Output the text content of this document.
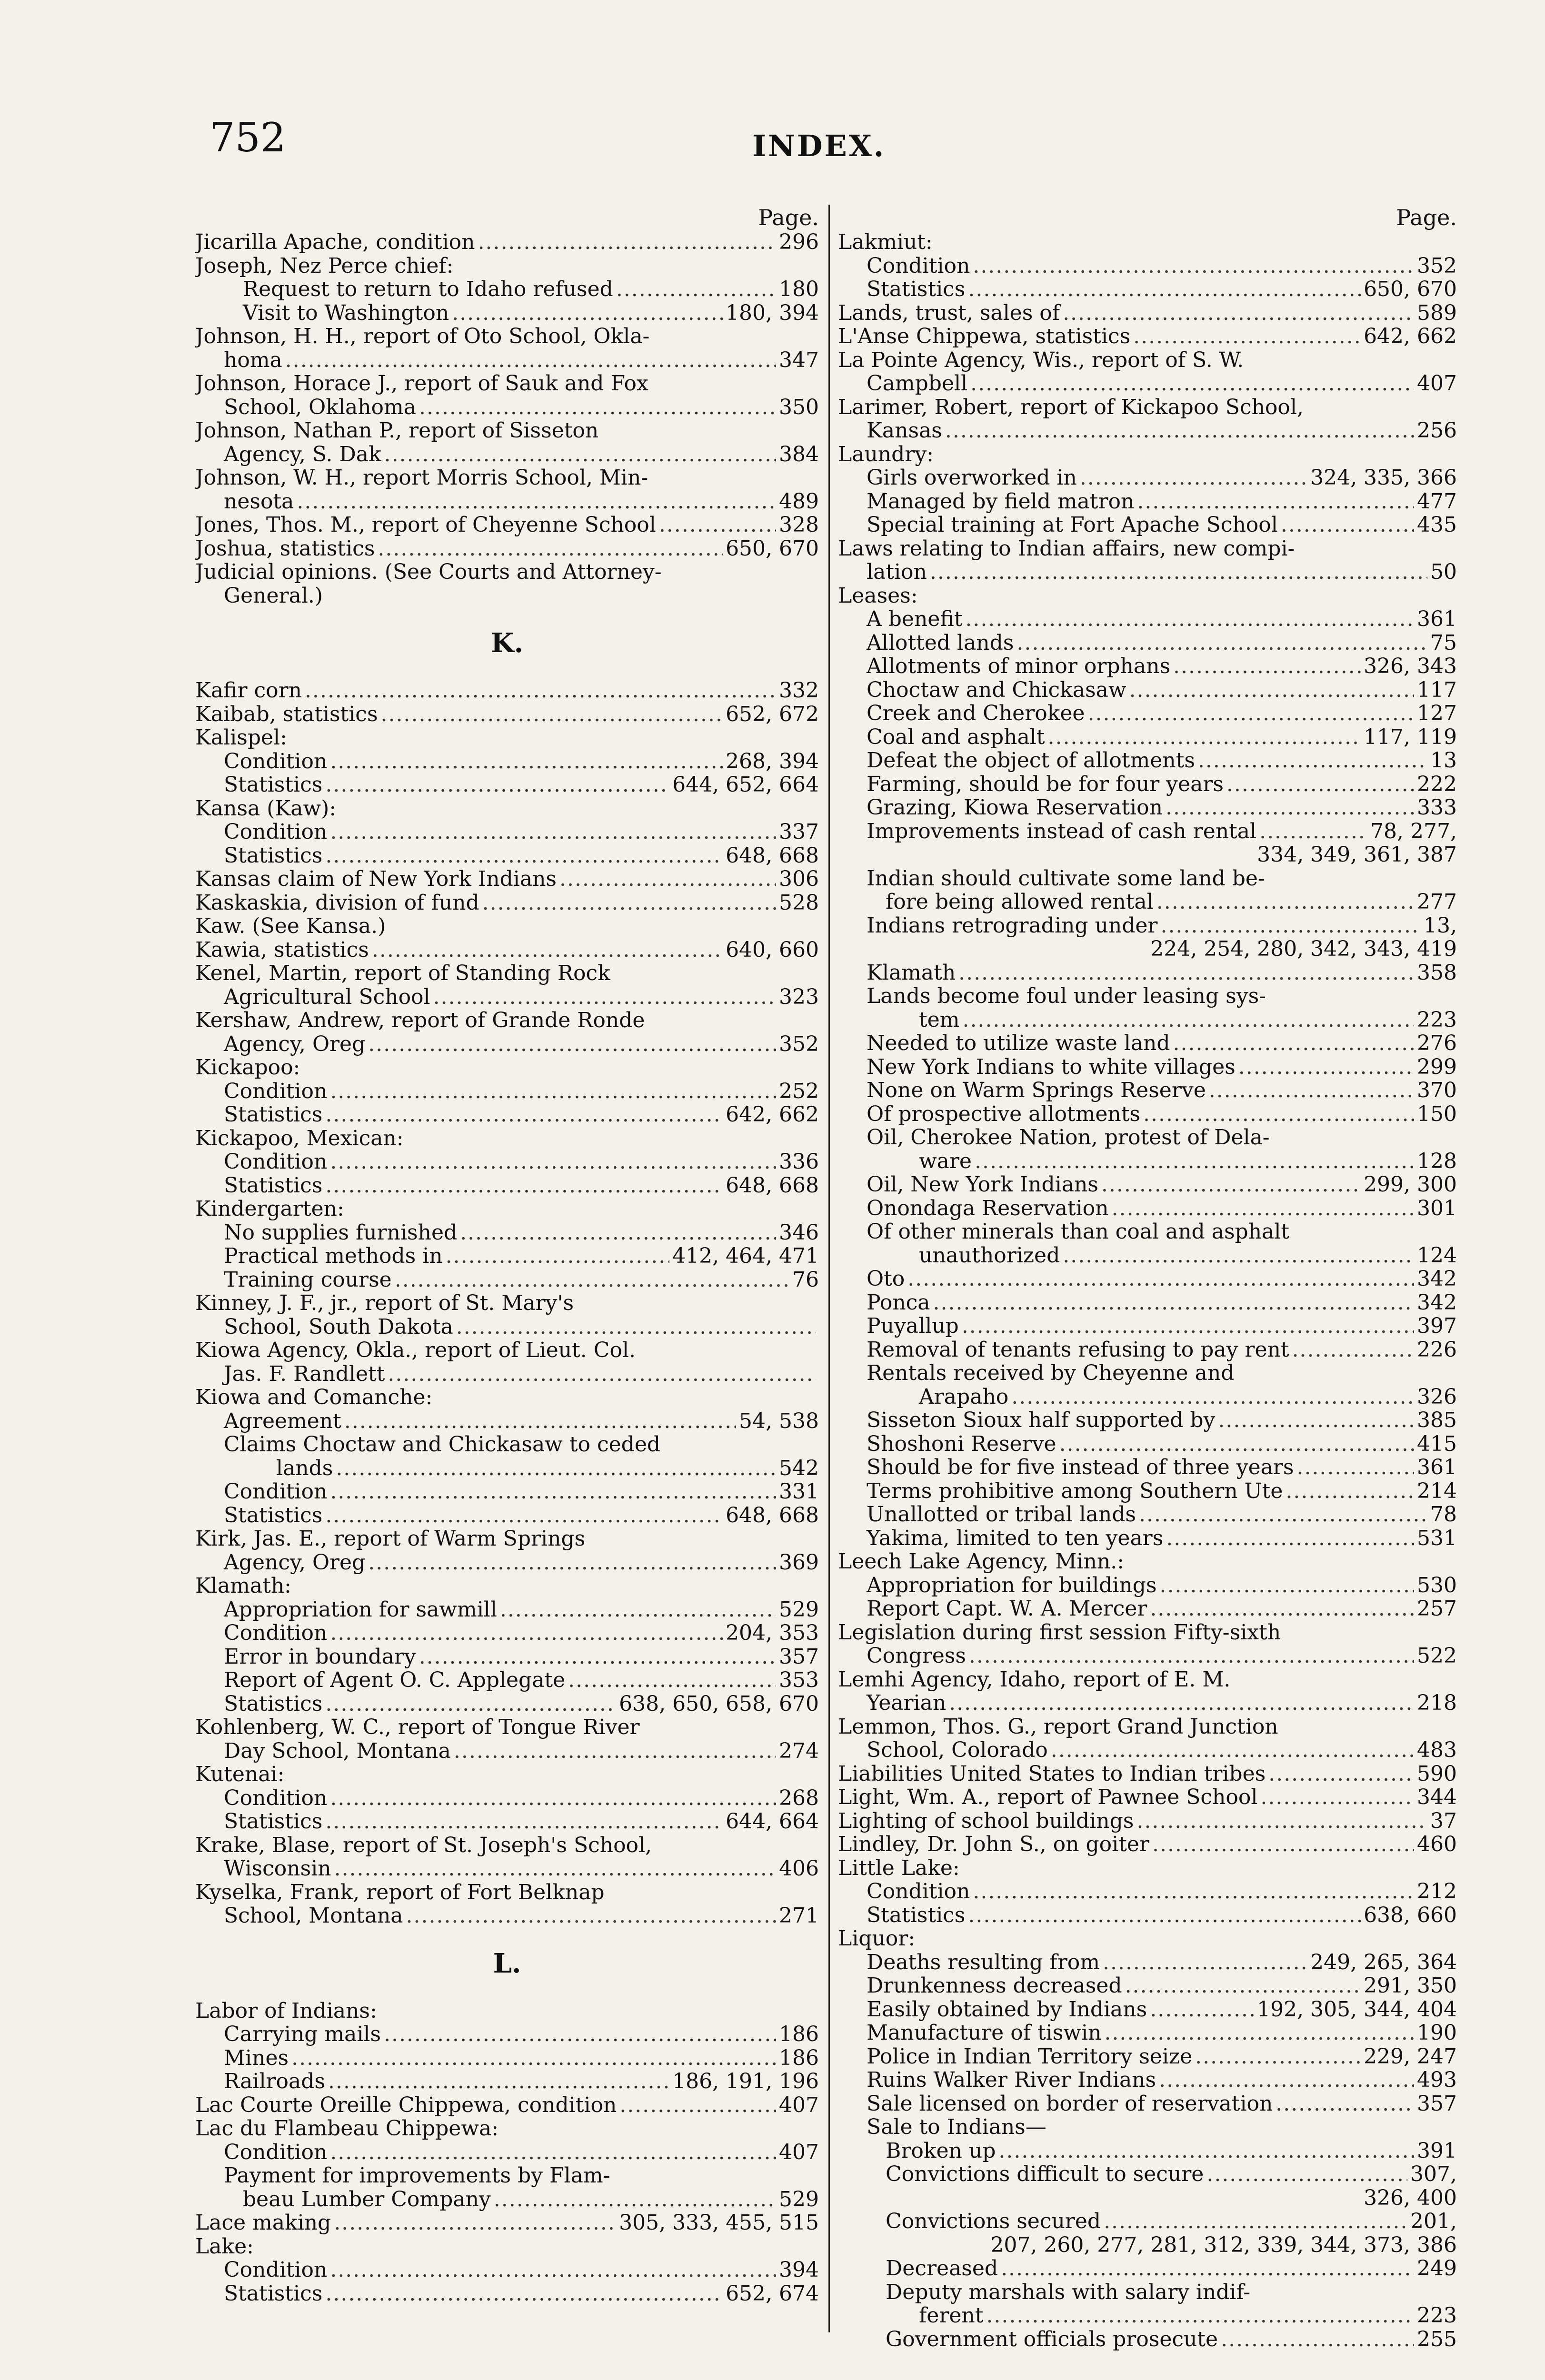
752	INDEX.
Page.
Jicarilla Apache, condition .....	296
Joseph, Nez Perce chief:
Request to return to Idaho refused .....	180
Visit to Washington .....	180, 394
Johnson, H. H., report of Oto School, Okla-
homa .....	347
Johnson, Horace J., report of Sauk and Fox
School, Oklahoma .....	350
Johnson, Nathan P., report of Sisseton
Agency, S. Dak .....	384
Johnson, W. H., report Morris School, Min-
nesota .....	489
Jones, Thos. M., report of Cheyenne School .....	328
Joshua, statistics .....	650, 670
Judicial opinions. (See Courts and Attorney-
General.)
K.
Kafir corn .....	332
Kaibab, statistics .....	652, 672
Kalispel:
Condition .....	268, 394
Statistics .....	644, 652, 664
Kansa (Kaw):
Condition .....	337
Statistics .....	648, 668
Kansas claim of New York Indians .....	306
Kaskaskia, division of fund .....	528
Kaw. (See Kansa.)
Kawia, statistics .....	640, 660
Kenel, Martin, report of Standing Rock
Agricultural School .....	323
Kershaw, Andrew, report of Grande Ronde
Agency, Oreg .....	352
Kickapoo:
Condition .....	252
Statistics .....	642, 662
Kickapoo, Mexican:
Condition .....	336
Statistics .....	648, 668
Kindergarten:
No supplies furnished .....	346
Practical methods in .....	412, 464, 471
Training course .....	76
Kinney, J. F., jr., report of St. Mary's
School, South Dakota
.....
Kiowa Agency, Okla., report of Lieut. Col.
Jas. F. Randlett
.....
Kiowa and Comanche:
Agreement .....	54, 538
Claims Choctaw and Chickasaw to ceded
lands .....	542
Condition .....	331
Statistics .....	648, 668
Kirk, Jas. E., report of Warm Springs
Agency, Oreg .....	369
Klamath:
Appropriation for sawmill .....	529
Condition .....	204, 353
Error in boundary .....	357
Report of Agent O. C. Applegate .....	353
Statistics .....	638, 650, 658, 670
Kohlenberg, W. C., report of Tongue River
Day School, Montana .....	274
Kutenai:
Condition .....	268
Statistics .....	644, 664
Krake, Blase, report of St. Joseph's School,
Wisconsin .....	406
Kyselka, Frank, report of Fort Belknap
School, Montana .....	271
L.
Labor of Indians:
Carrying mails .....	186
Mines .....	186
Railroads .....	186, 191, 196
Lac Courte Oreille Chippewa, condition .....	407
Lac du Flambeau Chippewa:
Condition .....	407
Payment for improvements by Flam-
beau Lumber Company .....	529
Lace making .....	305, 333, 455, 515
Lake:
Condition .....	394
Statistics .....	652, 674
Page.
Lakmiut:
Condition .....	352
Statistics .....	650, 670
Lands, trust, sales of .....	589
L'Anse Chippewa, statistics .....	642, 662
La Pointe Agency, Wis., report of S. W.
Campbell .....	407
Larimer, Robert, report of Kickapoo School,
Kansas .....	256
Laundry:
Girls overworked in .....	324, 335, 366
Managed by field matron .....	477
Special training at Fort Apache School .....	435
Laws relating to Indian affairs, new compi-
lation .....	50
Leases:
A benefit .....	361
Allotted lands .....	75
Allotments of minor orphans .....	326, 343
Choctaw and Chickasaw .....	117
Creek and Cherokee .....	127
Coal and asphalt .....	117, 119
Defeat the object of allotments .....	13
Farming, should be for four years .....	222
Grazing, Kiowa Reservation .....	333
Improvements instead of cash rental .....	78, 277,
334, 349, 361, 387
Indian should cultivate some land be-
fore being allowed rental .....	277
Indians retrograding under .....	13,
224, 254, 280, 342, 343, 419
Klamath .....	358
Lands become foul under leasing sys-
tem .....	223
Needed to utilize waste land .....	276
New York Indians to white villages .....	299
None on Warm Springs Reserve .....	370
Of prospective allotments .....	150
Oil, Cherokee Nation, protest of Dela-
ware .....	128
Oil, New York Indians .....	299, 300
Onondaga Reservation .....	301
Of other minerals than coal and asphalt
unauthorized .....	124
Oto .....	342
Ponca .....	342
Puyallup .....	397
Removal of tenants refusing to pay rent .....	226
Rentals received by Cheyenne and
Arapaho .....	326
Sisseton Sioux half supported by .....	385
Shoshoni Reserve .....	415
Should be for five instead of three years .....	361
Terms prohibitive among Southern Ute .....	214
Unallotted or tribal lands .....	78
Yakima, limited to ten years .....	531
Leech Lake Agency, Minn.:
Appropriation for buildings .....	530
Report Capt. W. A. Mercer .....	257
Legislation during first session Fifty-sixth
Congress .....	522
Lemhi Agency, Idaho, report of E. M.
Yearian .....	218
Lemmon, Thos. G., report Grand Junction
School, Colorado .....	483
Liabilities United States to Indian tribes .....	590
Light, Wm. A., report of Pawnee School .....	344
Lighting of school buildings .....	37
Lindley, Dr. John S., on goiter .....	460
Little Lake:
Condition .....	212
Statistics .....	638, 660
Liquor:
Deaths resulting from .....	249, 265, 364
Drunkenness decreased .....	291, 350
Easily obtained by Indians .....	192, 305, 344, 404
Manufacture of tiswin .....	190
Police in Indian Territory seize .....	229, 247
Ruins Walker River Indians .....	493
Sale licensed on border of reservation .....	357
Sale to Indians—
Broken up .....	391
Convictions difficult to secure .....	307,
326, 400
Convictions secured .....	201,
207, 260, 277, 281, 312, 339, 344, 373, 386
Decreased .....	249
Deputy marshals with salary indif-
ferent .....	223
Government officials prosecute .....	255
